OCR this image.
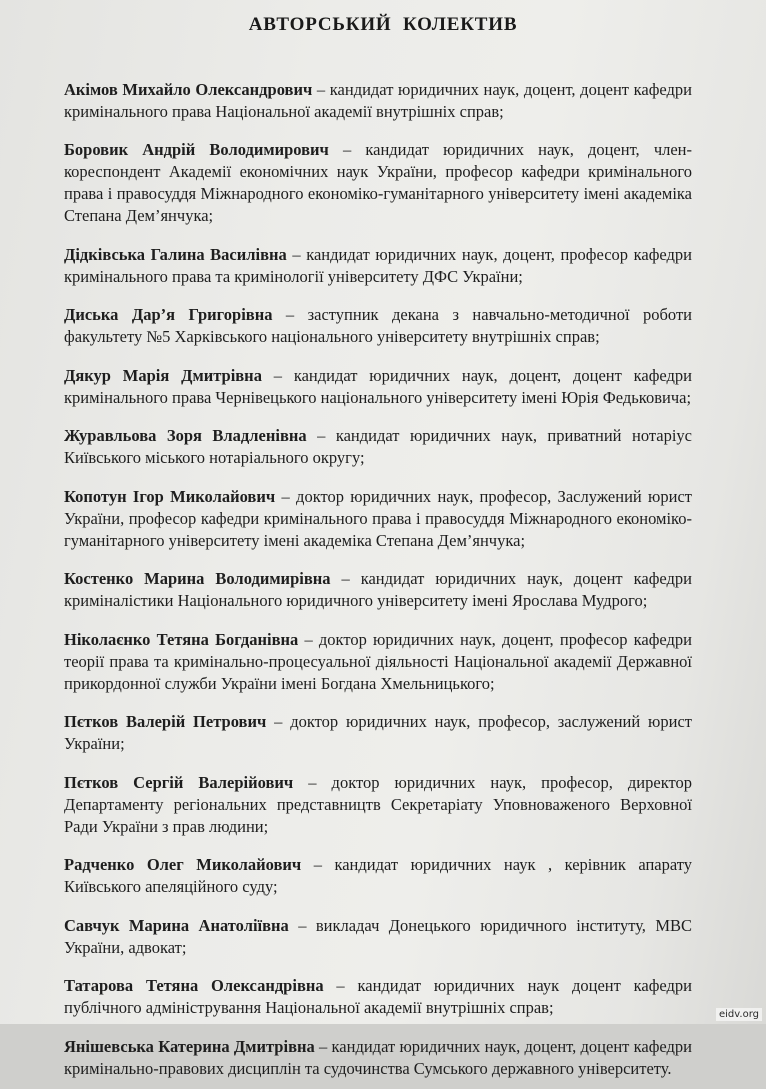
АВТОРСЬКИЙ КОЛЕКТИВ

Акімов Михайло Олександрович – кандидат юридичних наук, доцент, доцент кафедри кримінального права Національної академії внутрішніх справ;

Боровик Андрій Володимирович – кандидат юридичних наук, доцент, член-кореспондент Академії економічних наук України, професор кафедри кримінального права і правосуддя Міжнародного економіко-гуманітарного університету імені академіка Степана Дем’янчука;

Дідківська Галина Василівна – кандидат юридичних наук, доцент, професор кафедри кримінального права та кримінології університету ДФС України;

Диська Дар’я Григорівна – заступник декана з навчально-методичної роботи факультету №5 Харківського національного університету внутрішніх справ;

Дякур Марія Дмитрівна – кандидат юридичних наук, доцент, доцент кафедри кримінального права Чернівецького національного університету імені Юрія Федьковича;

Журавльова Зоря Владленівна – кандидат юридичних наук, приватний нотаріус Київського міського нотаріального округу;

Копотун Ігор Миколайович – доктор юридичних наук, професор, Заслужений юрист України, професор кафедри кримінального права і правосуддя Міжнародного економіко-гуманітарного університету імені академіка Степана Дем’янчука;

Костенко Марина Володимирівна – кандидат юридичних наук, доцент кафедри криміналістики Національного юридичного університету імені Ярослава Мудрого;

Ніколаєнко Тетяна Богданівна – доктор юридичних наук, доцент, професор кафедри теорії права та кримінально-процесуальної діяльності Національної академії Державної прикордонної служби України імені Богдана Хмельницького;

Пєтков Валерій Петрович – доктор юридичних наук, професор, заслужений юрист України;

Пєтков Сергій Валерійович – доктор юридичних наук, професор, директор Департаменту регіональних представництв Секретаріату Уповноваженого Верховної Ради України з прав людини;

Радченко Олег Миколайович – кандидат юридичних наук , керівник апарату Київського апеляційного суду;

Савчук Марина Анатоліївна – викладач Донецького юридичного інституту, МВС України, адвокат;

Татарова Тетяна Олександрівна – кандидат юридичних наук доцент кафедри публічного адміністрування Національної академії внутрішніх справ;

Янішевська Катерина Дмитрівна – кандидат юридичних наук, доцент, доцент кафедри кримінально-правових дисциплін та судочинства Сумського державного університету.

eidv.org
